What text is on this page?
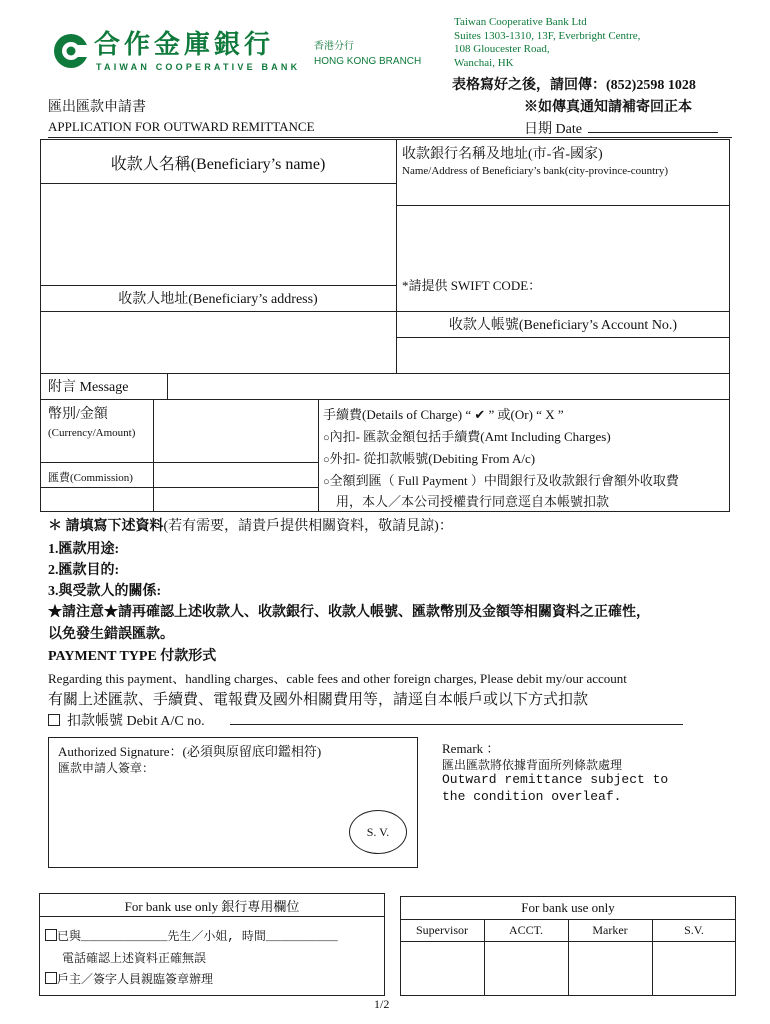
合作金庫銀行
TAIWAN COOPERATIVE BANK
香港分行
HONG KONG BRANCH
Taiwan Cooperative Bank Ltd
Suites 1303-1310, 13F, Everbright Centre,
108 Gloucester Road,
Wanchai, HK
表格寫好之後，請回傳：(852)2598 1028
匯出匯款申請書	※如傳真通知請補寄回正本
APPLICATION FOR OUTWARD REMITTANCE	日期 Date
收款人名稱(Beneficiary’s name)
收款人地址(Beneficiary’s address)
收款銀行名稱及地址(市-省-國家)
Name/Address of Beneficiary’s bank(city-province-country)
*請提供 SWIFT CODE：
收款人帳號(Beneficiary’s Account No.)
附言 Message
幣別/金額
(Currency/Amount)
匯費(Commission)
手續費(Details of Charge) “ ✔ ” 或(Or) “ X ”
○內扣- 匯款金額包括手續費(Amt Including Charges)
○外扣- 從扣款帳號(Debiting From A/c)
○全額到匯（ Full Payment ）中間銀行及收款銀行會額外收取費
用，本人／本公司授權貴行同意逕自本帳號扣款
＊ 請填寫下述資料(若有需要，請貴戶提供相關資料，敬請見諒)：
1.匯款用途:
2.匯款目的:
3.與受款人的關係:
★請注意★請再確認上述收款人、收款銀行、收款人帳號、匯款幣別及金額等相關資料之正確性，
以免發生錯誤匯款。
PAYMENT TYPE 付款形式
Regarding this payment、handling charges、cable fees and other foreign charges, Please debit my/our account
有關上述匯款、手續費、電報費及國外相關費用等，請逕自本帳戶或以下方式扣款
扣款帳號 Debit A/C no.
Authorized Signature：(必須與原留底印鑑相符)
匯款申請人簽章：
S. V.
Remark ：
匯出匯款將依據背面所列條款處理
Outward remittance subject to
the condition overleaf.
For bank use only 銀行專用欄位
已與____________先生／小姐, 時間__________
電話確認上述資料正確無誤
戶主／簽字人員親臨簽章辦理
For bank use only
Supervisor	ACCT.	Marker	S.V.
1/2
